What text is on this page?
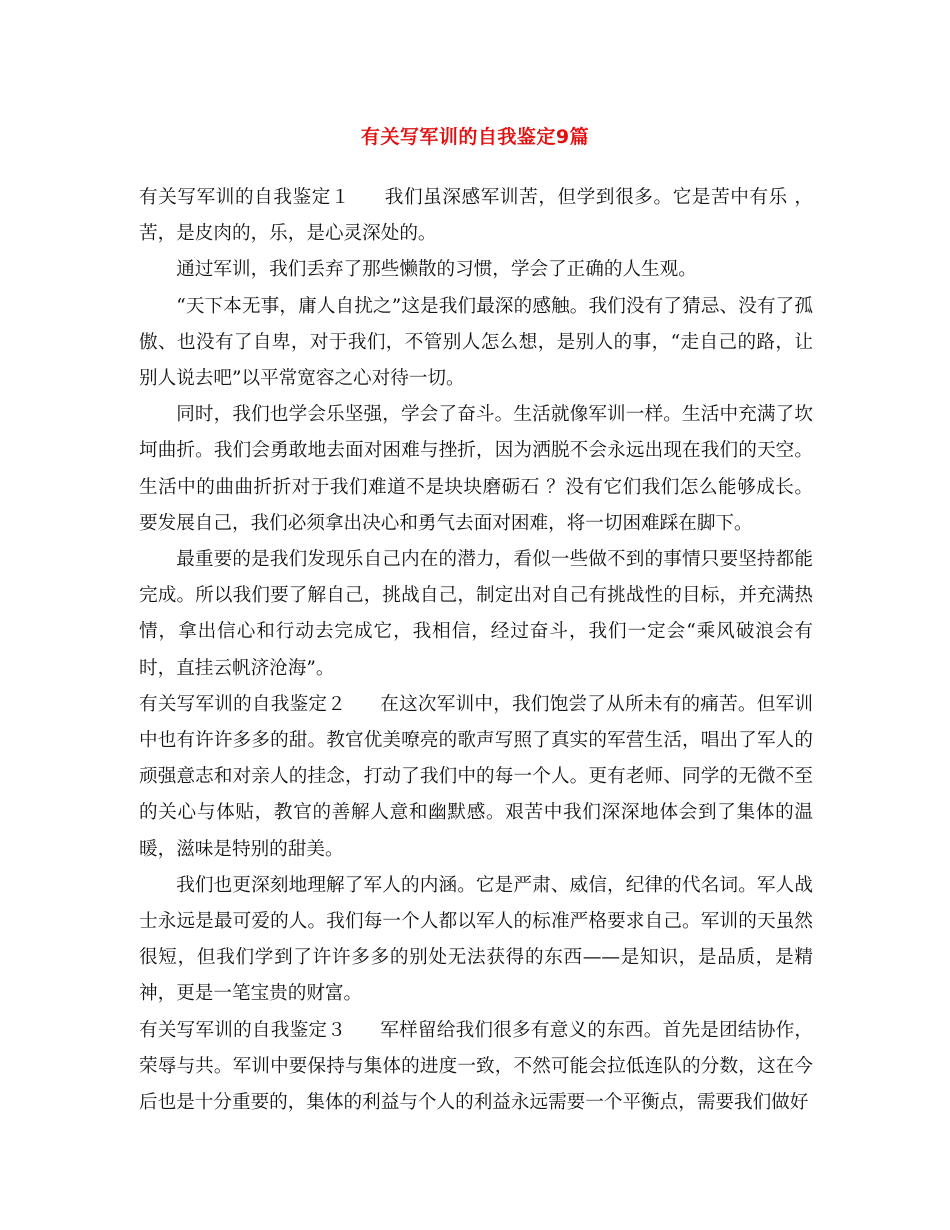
有关写军训的自我鉴定9篇

有关写军训的自我鉴定１ 我们虽深感军训苦，但学到很多。它是苦中有乐 ，苦，是皮肉的，乐，是心灵深处的。

通过军训，我们丢弃了那些懒散的习惯，学会了正确的人生观。

“天下本无事，庸人自扰之”这是我们最深的感触。我们没有了猜忌、没有了孤傲、也没有了自卑，对于我们，不管别人怎么想，是别人的事，“走自己的路，让别人说去吧”以平常宽容之心对待一切。

同时，我们也学会乐坚强，学会了奋斗。生活就像军训一样。生活中充满了坎坷曲折。我们会勇敢地去面对困难与挫折，因为洒脱不会永远出现在我们的天空。生活中的曲曲折折对于我们难道不是块块磨砺石 ？没有它们我们怎么能够成长。要发展自己，我们必须拿出决心和勇气去面对困难，将一切困难踩在脚下。

最重要的是我们发现乐自己内在的潜力，看似一些做不到的事情只要坚持都能完成。所以我们要了解自己，挑战自己，制定出对自己有挑战性的目标，并充满热情，拿出信心和行动去完成它，我相信，经过奋斗，我们一定会“乘风破浪会有时，直挂云帆济沧海”。

有关写军训的自我鉴定２ 在这次军训中，我们饱尝了从所未有的痛苦。但军训中也有许许多多的甜。教官优美嘹亮的歌声写照了真实的军营生活，唱出了军人的顽强意志和对亲人的挂念，打动了我们中的每一个人。更有老师、同学的无微不至的关心与体贴，教官的善解人意和幽默感。艰苦中我们深深地体会到了集体的温暖，滋味是特别的甜美。

我们也更深刻地理解了军人的内涵。它是严肃、威信，纪律的代名词。军人战士永远是最可爱的人。我们每一个人都以军人的标准严格要求自己。军训的天虽然很短，但我们学到了许许多多的别处无法获得的东西——是知识，是品质，是精神，更是一笔宝贵的财富。

有关写军训的自我鉴定３ 军样留给我们很多有意义的东西。首先是团结协作，荣辱与共。军训中要保持与集体的进度一致，不然可能会拉低连队的分数，这在今后也是十分重要的，集体的利益与个人的利益永远需要一个平衡点，需要我们做好
